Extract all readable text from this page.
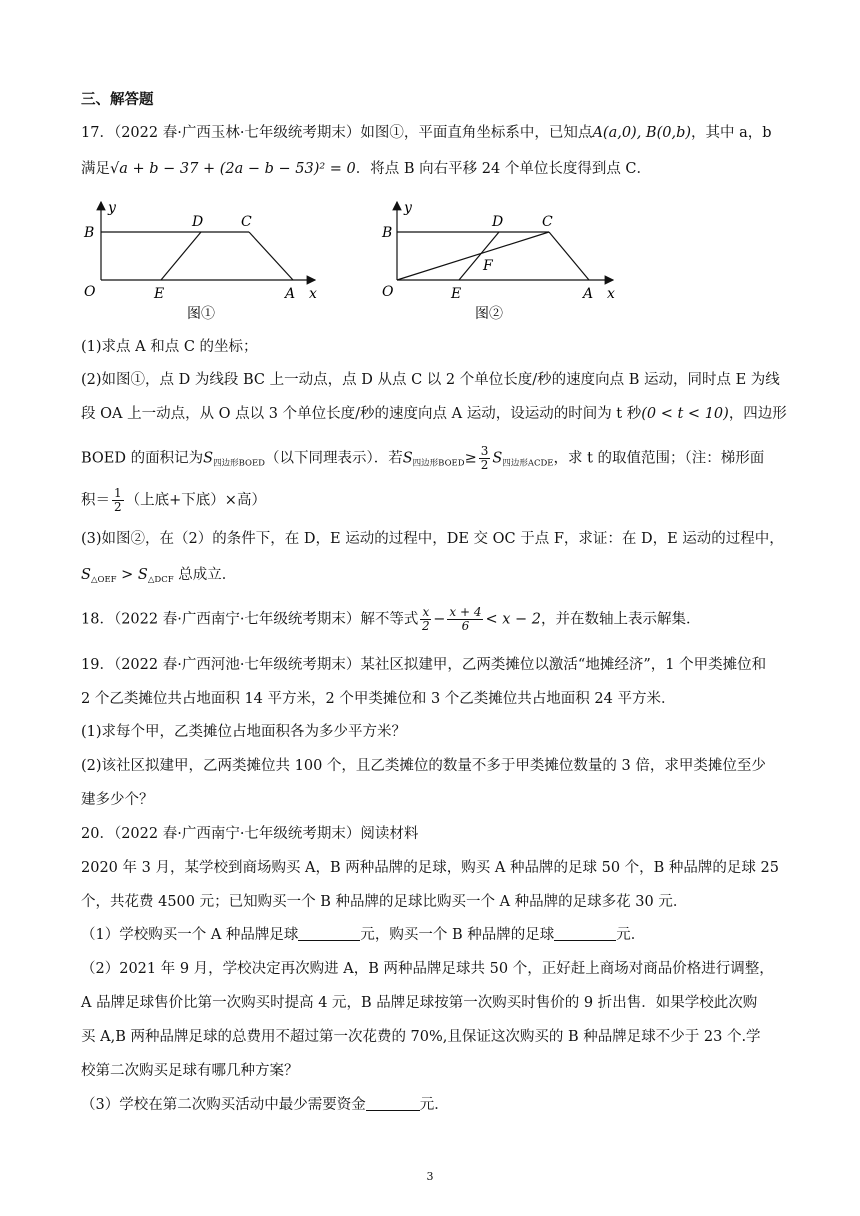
三、解答题
17．（2022 春·广西玉林·七年级统考期末）如图①，平面直角坐标系中，已知点A(a,0), B(0,b)，其中 a，b
满足√a + b − 37 + (2a − b − 53)² = 0．将点 B 向右平移 24 个单位长度得到点 C．
y
B
O
D	C
E	A x
图①
y
B
O
D	C
F
E	A x
图②
(1)求点 A 和点 C 的坐标；
(2)如图①，点 D 为线段 BC 上一动点，点 D 从点 C 以 2 个单位长度/秒的速度向点 B 运动，同时点 E 为线
段 OA 上一动点，从 O 点以 3 个单位长度/秒的速度向点 A 运动，设运动的时间为 t 秒(0 < t < 10)，四边形
BOED 的面积记为$S_{四边形BOED}$（以下同理表示）．若$S_{四边形BOED}\ge \frac{3}{2} S_{四边形ACDE}$，求 t 的取值范围；（注：梯形面
积＝ $\frac{1}{2}$ （上底+下底）×高）
(3)如图②，在（2）的条件下，在 D，E 运动的过程中，DE 交 OC 于点 F，求证：在 D，E 运动的过程中，
$S_{\triangle OEF} > S_{\triangle DCF}$ 总成立．
18．（2022 春·广西南宁·七年级统考期末）解不等式 $\frac{x}{2} - \frac{x + 4}{6} < x - 2$，并在数轴上表示解集．
19．（2022 春·广西河池·七年级统考期末）某社区拟建甲，乙两类摊位以激活“地摊经济”，1 个甲类摊位和
2 个乙类摊位共占地面积 14 平方米，2 个甲类摊位和 3 个乙类摊位共占地面积 24 平方米．
(1)求每个甲，乙类摊位占地面积各为多少平方米？
(2)该社区拟建甲，乙两类摊位共 100 个，且乙类摊位的数量不多于甲类摊位数量的 3 倍，求甲类摊位至少
建多少个？
20．（2022 春·广西南宁·七年级统考期末）阅读材料
2020 年 3 月，某学校到商场购买 A，B 两种品牌的足球，购买 A 种品牌的足球 50 个，B 种品牌的足球 25
个，共花费 4500 元；已知购买一个 B 种品牌的足球比购买一个 A 种品牌的足球多花 30 元．
（1）学校购买一个 A 种品牌足球	元，购买一个 B 种品牌的足球	元．
（2）2021 年 9 月，学校决定再次购进 A，B 两种品牌足球共 50 个，正好赶上商场对商品价格进行调整，
A 品牌足球售价比第一次购买时提高 4 元，B 品牌足球按第一次购买时售价的 9 折出售．如果学校此次购
买 A,B 两种品牌足球的总费用不超过第一次花费的 70%,且保证这次购买的 B 种品牌足球不少于 23 个.学
校第二次购买足球有哪几种方案？
（3）学校在第二次购买活动中最少需要资金	元．
3
